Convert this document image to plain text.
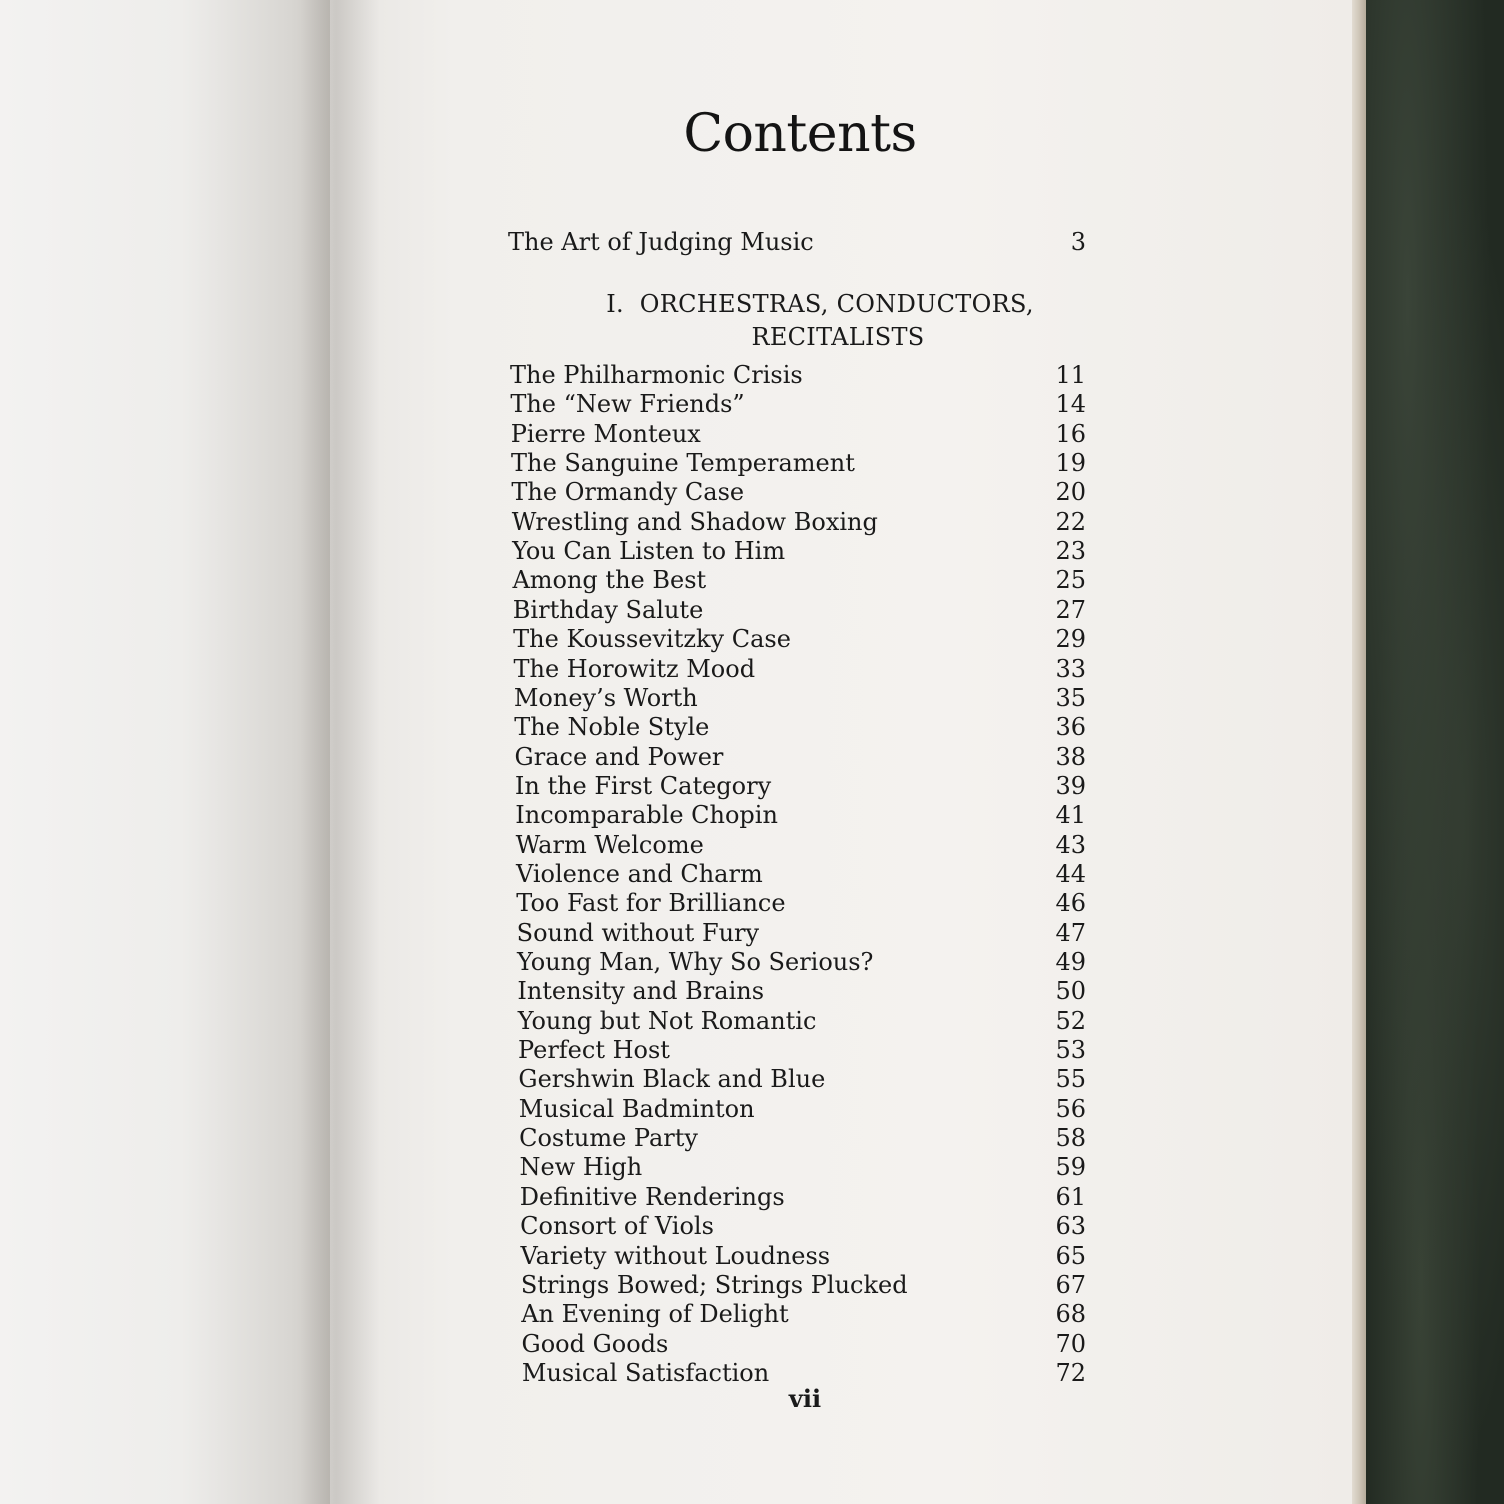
Contents
The Art of Judging Music	3
I.  ORCHESTRAS, CONDUCTORS,
RECITALISTS
The Philharmonic Crisis	11
The “New Friends”	14
Pierre Monteux	16
The Sanguine Temperament	19
The Ormandy Case	20
Wrestling and Shadow Boxing	22
You Can Listen to Him	23
Among the Best	25
Birthday Salute	27
The Koussevitzky Case	29
The Horowitz Mood	33
Money’s Worth	35
The Noble Style	36
Grace and Power	38
In the First Category	39
Incomparable Chopin	41
Warm Welcome	43
Violence and Charm	44
Too Fast for Brilliance	46
Sound without Fury	47
Young Man, Why So Serious?	49
Intensity and Brains	50
Young but Not Romantic	52
Perfect Host	53
Gershwin Black and Blue	55
Musical Badminton	56
Costume Party	58
New High	59
Definitive Renderings	61
Consort of Viols	63
Variety without Loudness	65
Strings Bowed; Strings Plucked	67
An Evening of Delight	68
Good Goods	70
Musical Satisfaction	72
vii
